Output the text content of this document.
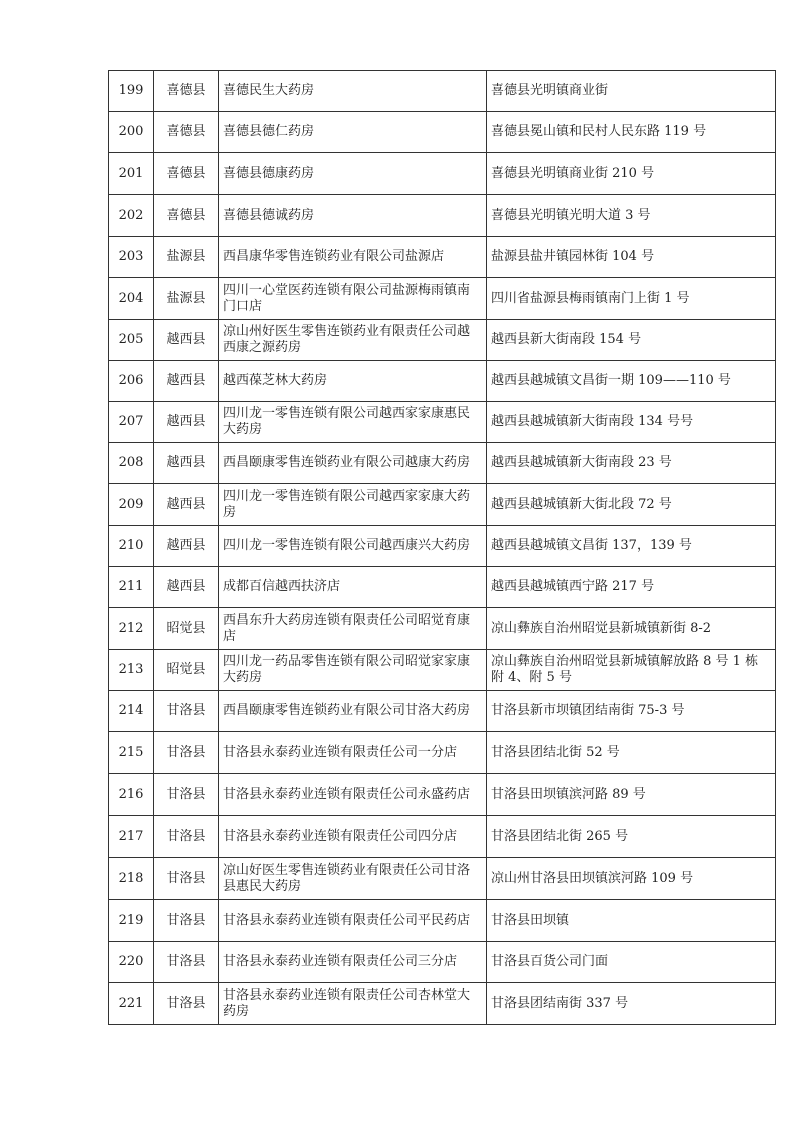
199	喜德县	喜德民生大药房	喜德县光明镇商业街
200	喜德县	喜德县德仁药房	喜德县冕山镇和民村人民东路 119 号
201	喜德县	喜德县德康药房	喜德县光明镇商业街 210 号
202	喜德县	喜德县德诚药房	喜德县光明镇光明大道 3 号
203	盐源县	西昌康华零售连锁药业有限公司盐源店	盐源县盐井镇园林街 104 号
204	盐源县	四川一心堂医药连锁有限公司盐源梅雨镇南门口店	四川省盐源县梅雨镇南门上街 1 号
205	越西县	凉山州好医生零售连锁药业有限责任公司越西康之源药房	越西县新大街南段 154 号
206	越西县	越西葆芝林大药房	越西县越城镇文昌街一期 109——110 号
207	越西县	四川龙一零售连锁有限公司越西家家康惠民大药房	越西县越城镇新大街南段 134 号号
208	越西县	西昌颐康零售连锁药业有限公司越康大药房	越西县越城镇新大街南段 23 号
209	越西县	四川龙一零售连锁有限公司越西家家康大药房	越西县越城镇新大街北段 72 号
210	越西县	四川龙一零售连锁有限公司越西康兴大药房	越西县越城镇文昌街 137，139 号
211	越西县	成都百信越西扶济店	越西县越城镇西宁路 217 号
212	昭觉县	西昌东升大药房连锁有限责任公司昭觉育康店	凉山彝族自治州昭觉县新城镇新街 8-2
213	昭觉县	四川龙一药品零售连锁有限公司昭觉家家康大药房	凉山彝族自治州昭觉县新城镇解放路 8 号 1 栋附 4、附 5 号
214	甘洛县	西昌颐康零售连锁药业有限公司甘洛大药房	甘洛县新市坝镇团结南街 75-3 号
215	甘洛县	甘洛县永泰药业连锁有限责任公司一分店	甘洛县团结北街 52 号
216	甘洛县	甘洛县永泰药业连锁有限责任公司永盛药店	甘洛县田坝镇滨河路 89 号
217	甘洛县	甘洛县永泰药业连锁有限责任公司四分店	甘洛县团结北街 265 号
218	甘洛县	凉山好医生零售连锁药业有限责任公司甘洛县惠民大药房	凉山州甘洛县田坝镇滨河路 109 号
219	甘洛县	甘洛县永泰药业连锁有限责任公司平民药店	甘洛县田坝镇
220	甘洛县	甘洛县永泰药业连锁有限责任公司三分店	甘洛县百货公司门面
221	甘洛县	甘洛县永泰药业连锁有限责任公司杏林堂大药房	甘洛县团结南街 337 号
